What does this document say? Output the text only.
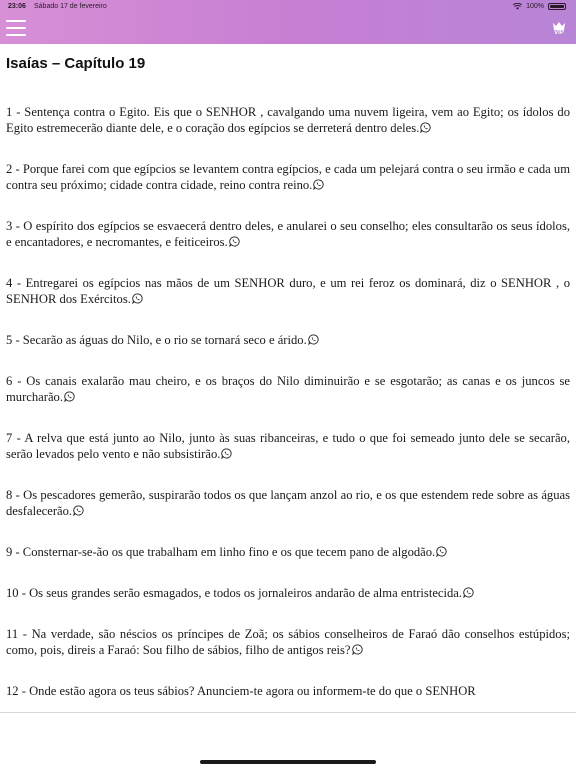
23:06 Sábado 17 de fevereiro	100%
VIP
Isaías – Capítulo 19

1 - Sentença contra o Egito. Eis que o SENHOR , cavalgando uma nuvem ligeira, vem ao Egito; os ídolos do Egito estremecerão diante dele, e o coração dos egípcios se derreterá dentro deles.

2 - Porque farei com que egípcios se levantem contra egípcios, e cada um pelejará contra o seu irmão e cada um contra seu próximo; cidade contra cidade, reino contra reino.

3 - O espírito dos egípcios se esvaecerá dentro deles, e anularei o seu conselho; eles consultarão os seus ídolos, e encantadores, e necromantes, e feiticeiros.

4 - Entregarei os egípcios nas mãos de um SENHOR duro, e um rei feroz os dominará, diz o SENHOR , o SENHOR dos Exércitos.

5 - Secarão as águas do Nilo, e o rio se tornará seco e árido.

6 - Os canais exalarão mau cheiro, e os braços do Nilo diminuirão e se esgotarão; as canas e os juncos se murcharão.

7 - A relva que está junto ao Nilo, junto às suas ribanceiras, e tudo o que foi semeado junto dele se secarão, serão levados pelo vento e não subsistirão.

8 - Os pescadores gemerão, suspirarão todos os que lançam anzol ao rio, e os que estendem rede sobre as águas desfalecerão.

9 - Consternar-se-ão os que trabalham em linho fino e os que tecem pano de algodão.

10 - Os seus grandes serão esmagados, e todos os jornaleiros andarão de alma entristecida.

11 - Na verdade, são néscios os príncipes de Zoã; os sábios conselheiros de Faraó dão conselhos estúpidos; como, pois, direis a Faraó: Sou filho de sábios, filho de antigos reis?

12 - Onde estão agora os teus sábios? Anunciem-te agora ou informem-te do que o SENHOR
